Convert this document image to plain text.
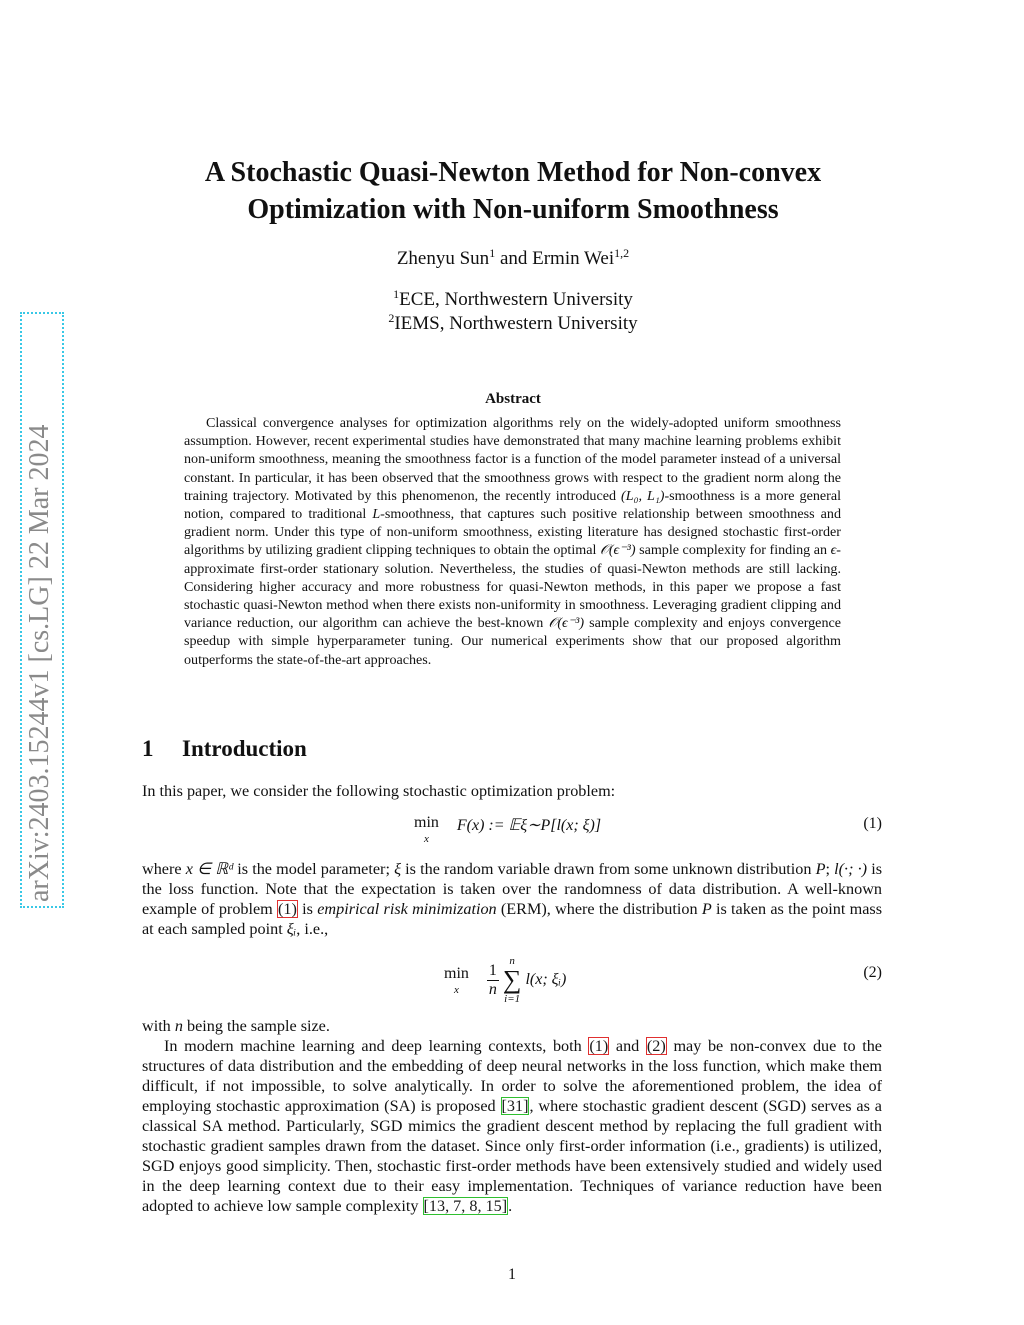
arXiv:2403.15244v1 [cs.LG] 22 Mar 2024
A Stochastic Quasi-Newton Method for Non-convex
Optimization with Non-uniform Smoothness
Zhenyu Sun$^1$ and Ermin Wei$^{1,2}$
$^1$ECE, Northwestern University
$^2$IEMS, Northwestern University
Abstract
Classical convergence analyses for optimization algorithms rely on the widely-adopted uniform smoothness assumption. However, recent experimental studies have demonstrated that many machine learning problems exhibit non-uniform smoothness, meaning the smoothness factor is a function of the model parameter instead of a universal constant. In particular, it has been observed that the smoothness grows with respect to the gradient norm along the training trajectory. Motivated by this phenomenon, the recently introduced (L₀, L₁)-smoothness is a more general notion, compared to traditional L-smoothness, that captures such positive relationship between smoothness and gradient norm. Under this type of non-uniform smoothness, existing literature has designed stochastic first-order algorithms by utilizing gradient clipping techniques to obtain the optimal 𝒪(ϵ⁻³) sample complexity for finding an ϵ-approximate first-order stationary solution. Nevertheless, the studies of quasi-Newton methods are still lacking. Considering higher accuracy and more robustness for quasi-Newton methods, in this paper we propose a fast stochastic quasi-Newton method when there exists non-uniformity in smoothness. Leveraging gradient clipping and variance reduction, our algorithm can achieve the best-known 𝒪(ϵ⁻³) sample complexity and enjoys convergence speedup with simple hyperparameter tuning. Our numerical experiments show that our proposed algorithm outperforms the state-of-the-art approaches.
1 Introduction
In this paper, we consider the following stochastic optimization problem:
min
x
F(x) := 𝔼ξ∼P[l(x; ξ)]	(1)
where x ∈ ℝᵈ is the model parameter; ξ is the random variable drawn from some unknown distribution P; l(·; ·) is the loss function. Note that the expectation is taken over the randomness of data distribution. A well-known example of problem (1) is empirical risk minimization (ERM), where the distribution P is taken as the point mass at each sampled point ξᵢ, i.e.,
min
x
	$\frac{1}{n}$

n
∑
i=1
l(x; ξᵢ)	(2)
with n being the sample size.
In modern machine learning and deep learning contexts, both (1) and (2) may be non-convex due to the structures of data distribution and the embedding of deep neural networks in the loss function, which make them difficult, if not impossible, to solve analytically. In order to solve the aforementioned problem, the idea of employing stochastic approximation (SA) is proposed [31], where stochastic gradient descent (SGD) serves as a classical SA method. Particularly, SGD mimics the gradient descent method by replacing the full gradient with stochastic gradient samples drawn from the dataset. Since only first-order information (i.e., gradients) is utilized, SGD enjoys good simplicity. Then, stochastic first-order methods have been extensively studied and widely used in the deep learning context due to their easy implementation. Techniques of variance reduction have been adopted to achieve low sample complexity [13, 7, 8, 15].
1
